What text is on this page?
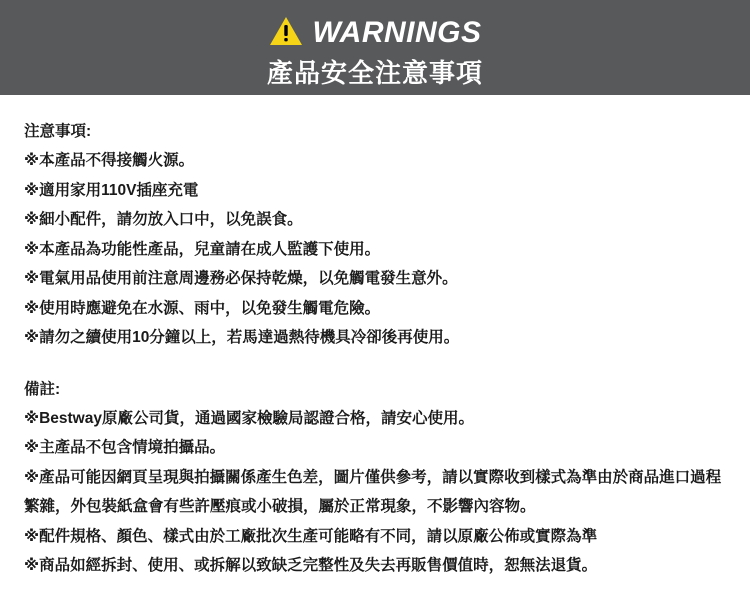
WARNINGS
產品安全注意事項

注意事項:

※本產品不得接觸火源。

※適用家用110V插座充電

※細小配件，請勿放入口中，以免誤食。

※本產品為功能性產品，兒童請在成人監護下使用。

※電氣用品使用前注意周邊務必保持乾燥，以免觸電發生意外。

※使用時應避免在水源、雨中，以免發生觸電危險。

※請勿之續使用10分鐘以上，若馬達過熱待機具冷卻後再使用。

備註:

※Bestway原廠公司貨，通過國家檢驗局認證合格，請安心使用。

※主產品不包含情境拍攝品。

※產品可能因網頁呈現與拍攝關係產生色差，圖片僅供參考，請以實際收到樣式為準由於商品進口過程繁雜，外包裝紙盒會有些許壓痕或小破損，屬於正常現象，不影響內容物。

※配件規格、顏色、樣式由於工廠批次生產可能略有不同，請以原廠公佈或實際為準

※商品如經拆封、使用、或拆解以致缺乏完整性及失去再販售價值時，恕無法退貨。
